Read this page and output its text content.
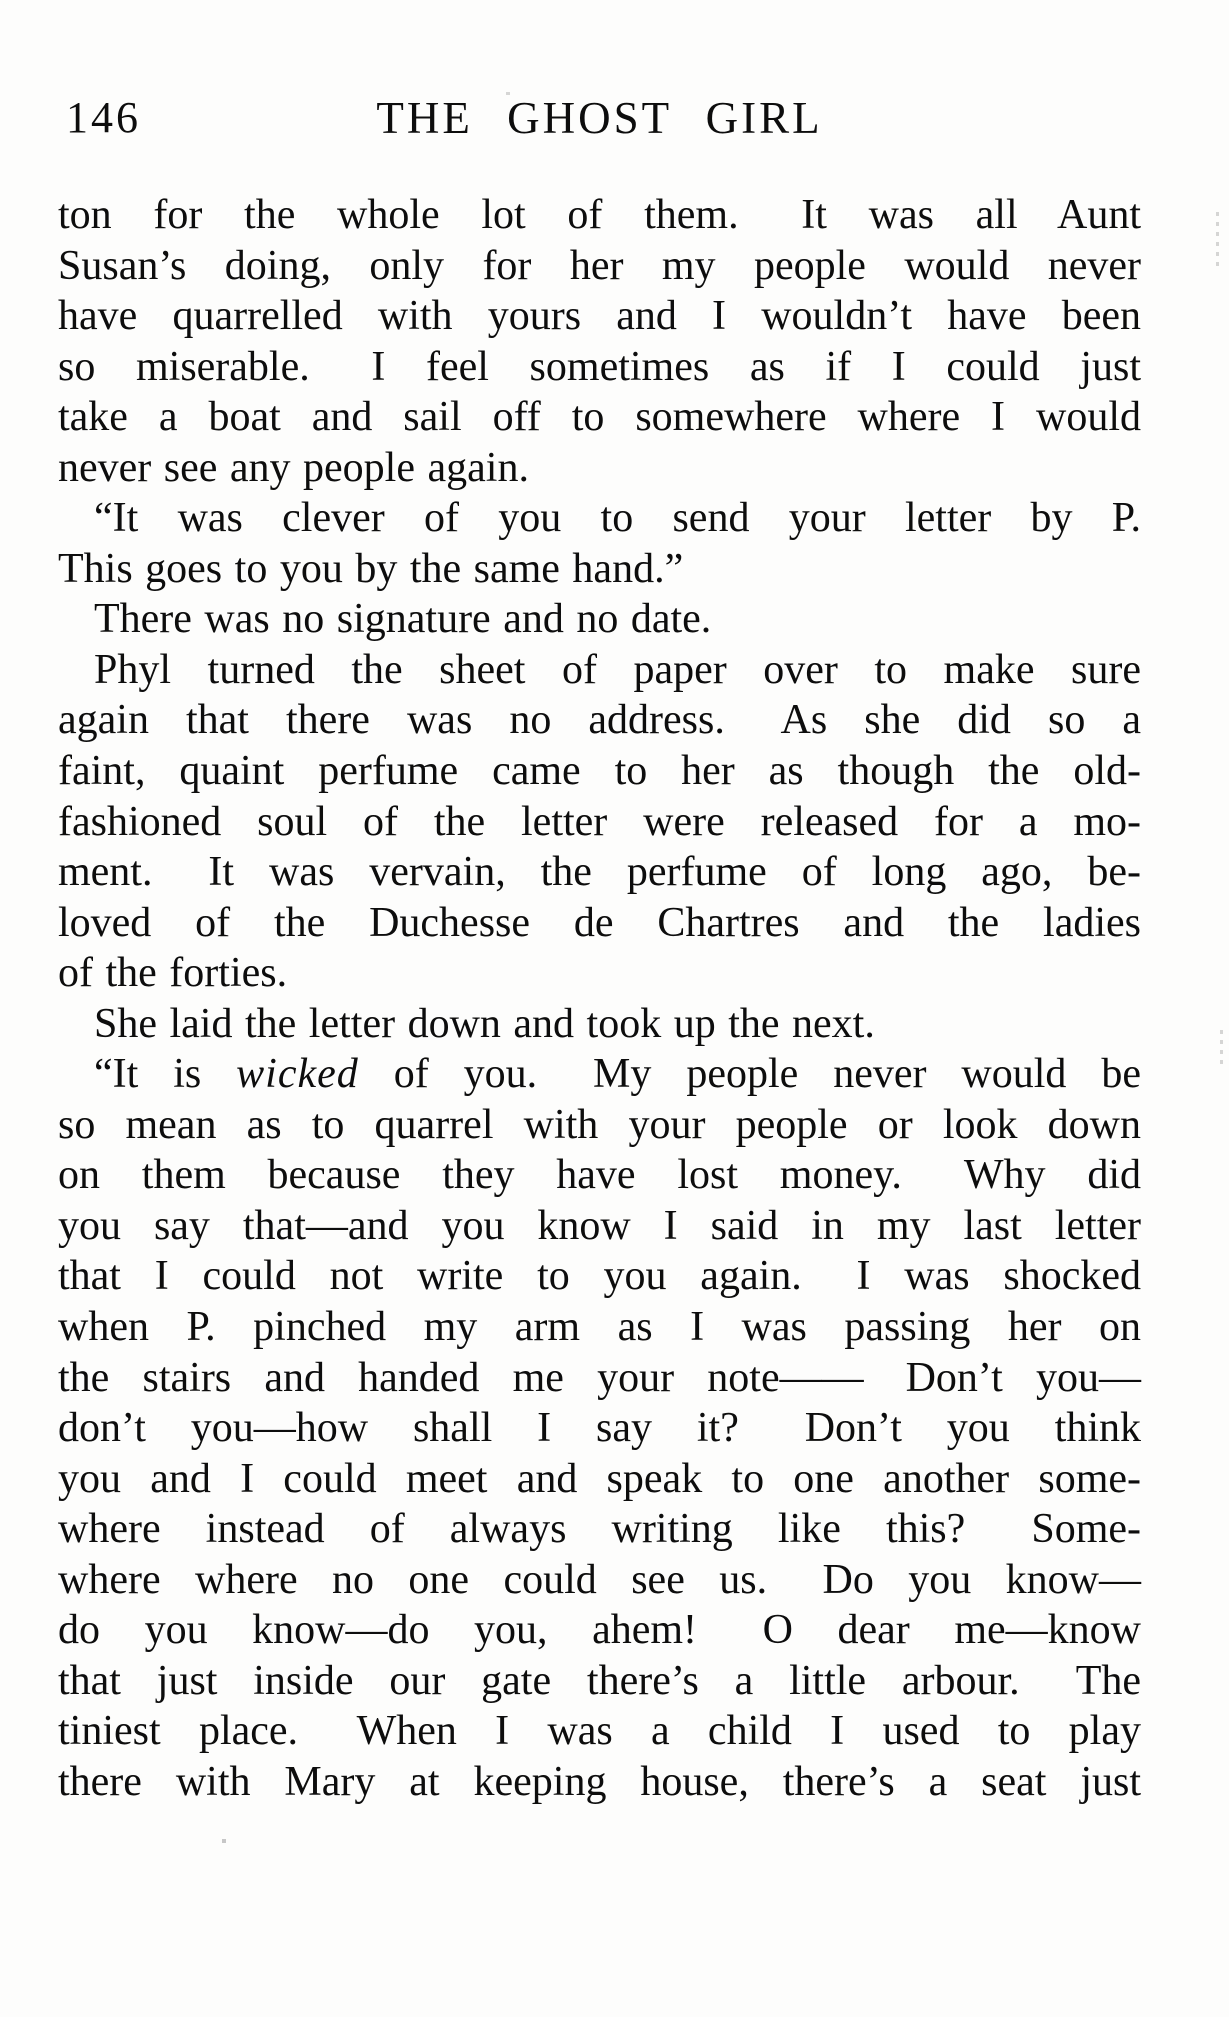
146	THE GHOST GIRL
ton for the whole lot of them.  It was all Aunt
Susan’s doing, only for her my people would never
have quarrelled with yours and I wouldn’t have been
so miserable.  I feel sometimes as if I could just
take a boat and sail off to somewhere where I would
never see any people again.
“It was clever of you to send your letter by P.
This goes to you by the same hand.”
There was no signature and no date.
Phyl turned the sheet of paper over to make sure
again that there was no address.  As she did so a
faint, quaint perfume came to her as though the old-
fashioned soul of the letter were released for a mo-
ment.  It was vervain, the perfume of long ago, be-
loved of the Duchesse de Chartres and the ladies
of the forties.
She laid the letter down and took up the next.
“It is wicked of you.  My people never would be
so mean as to quarrel with your people or look down
on them because they have lost money.  Why did
you say that—and you know I said in my last letter
that I could not write to you again.  I was shocked
when P. pinched my arm as I was passing her on
the stairs and handed me your note—— Don’t you—
don’t you—how shall I say it?  Don’t you think
you and I could meet and speak to one another some-
where instead of always writing like this?  Some-
where where no one could see us.  Do you know—
do you know—do you, ahem!  O dear me—know
that just inside our gate there’s a little arbour.  The
tiniest place.  When I was a child I used to play
there with Mary at keeping house, there’s a seat just
